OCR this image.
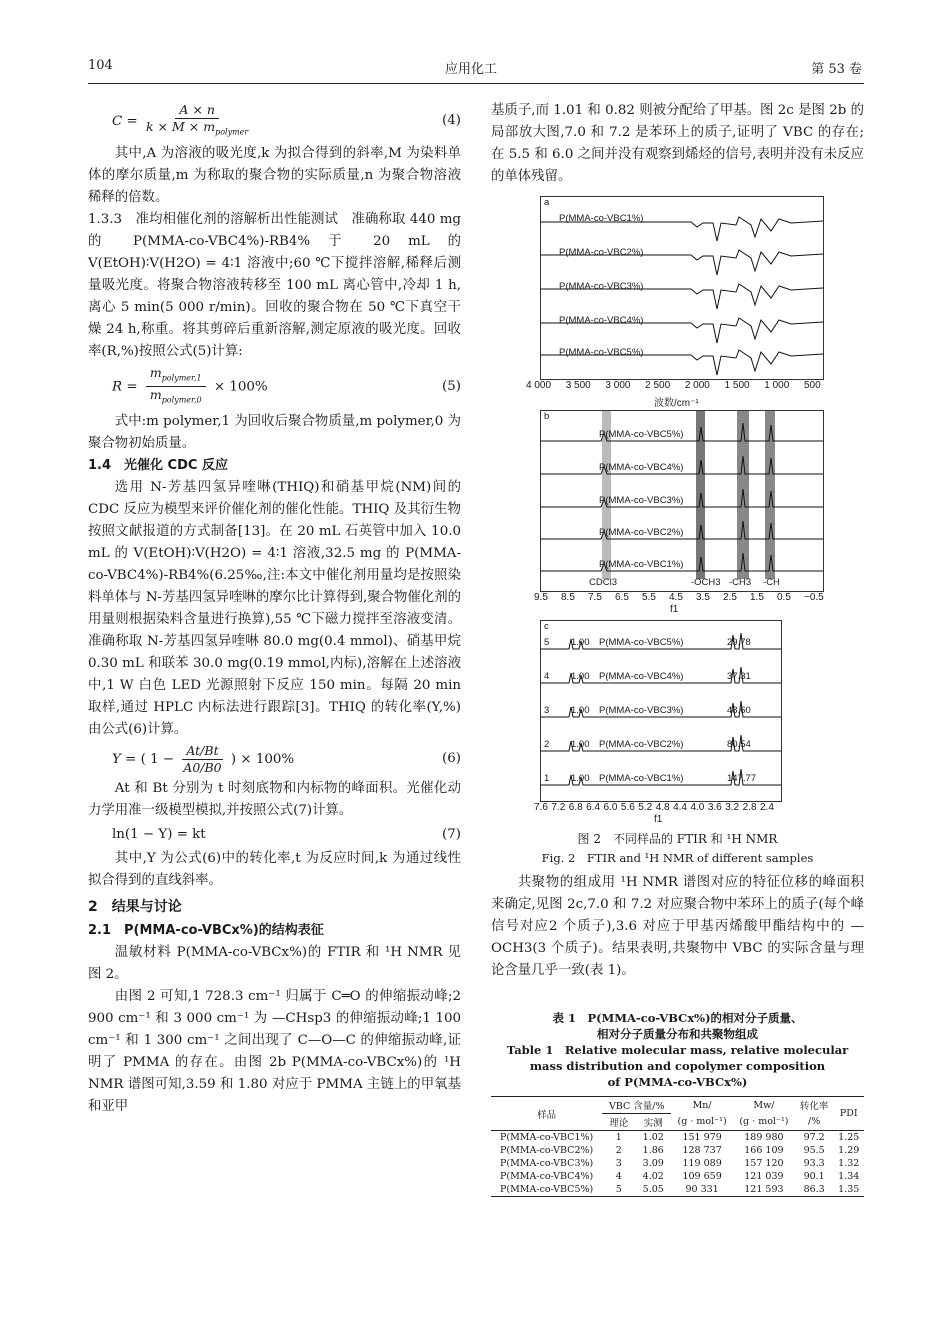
104	应用化工	第 53 卷
$C = \frac{A \times n}{k \times M \times m_{polymer}}$	(4)

其中,A 为溶液的吸光度,k 为拟合得到的斜率,M 为染料单体的摩尔质量,m 为称取的聚合物的实际质量,n 为聚合物溶液稀释的倍数。

1.3.3　准均相催化剂的溶解析出性能测试　准确称取 440 mg 的 P(MMA-co-VBC4%)-RB4% 于 20 mL 的 V(EtOH)∶V(H2O) = 4∶1 溶液中;60 ℃下搅拌溶解,稀释后测量吸光度。将聚合物溶液转移至 100 mL 离心管中,冷却 1 h,离心 5 min(5 000 r/min)。回收的聚合物在 50 ℃下真空干燥 24 h,称重。将其剪碎后重新溶解,测定原液的吸光度。回收率(R,%)按照公式(5)计算:

$R = \frac{m_{polymer,1}}{m_{polymer,0}} \times 100\%$	(5)

式中:m polymer,1 为回收后聚合物质量,m polymer,0 为聚合物初始质量。

1.4　光催化 CDC 反应

选用 N-芳基四氢异喹啉(THIQ)和硝基甲烷(NM)间的 CDC 反应为模型来评价催化剂的催化性能。THIQ 及其衍生物按照文献报道的方式制备[13]。在 20 mL 石英管中加入 10.0 mL 的 V(EtOH)∶V(H2O) = 4∶1 溶液,32.5 mg 的 P(MMA-co-VBC4%)-RB4%(6.25‰,注:本文中催化剂用量均是按照染料单体与 N-芳基四氢异喹啉的摩尔比计算得到,聚合物催化剂的用量则根据染料含量进行换算),55 ℃下磁力搅拌至溶液变清。准确称取 N-芳基四氢异喹啉 80.0 mg(0.4 mmol)、硝基甲烷 0.30 mL 和联苯 30.0 mg(0.19 mmol,内标),溶解在上述溶液中,1 W 白色 LED 光源照射下反应 150 min。每隔 20 min 取样,通过 HPLC 内标法进行跟踪[3]。THIQ 的转化率(Y,%)由公式(6)计算。

Y = ( $1 - \frac{At/Bt}{A0/B0}$ ) × 100%	(6)

At 和 Bt 分别为 t 时刻底物和内标物的峰面积。光催化动力学用准一级模型模拟,并按照公式(7)计算。

ln(1 − Y) = kt	(7)

其中,Y 为公式(6)中的转化率,t 为反应时间,k 为通过线性拟合得到的直线斜率。

2　结果与讨论
2.1　P(MMA-co-VBCx%)的结构表征

温敏材料 P(MMA-co-VBCx%)的 FTIR 和 ¹H NMR 见图 2。

由图 2 可知,1 728.3 cm⁻¹ 归属于 C═O 的伸缩振动峰;2 900 cm⁻¹ 和 3 000 cm⁻¹ 为 —CHsp3 的伸缩振动峰;1 100 cm⁻¹ 和 1 300 cm⁻¹ 之间出现了 C—O—C 的伸缩振动峰,证明了 PMMA 的存在。由图 2b P(MMA-co-VBCx%)的 ¹H NMR 谱图可知,3.59 和 1.80 对应于 PMMA 主链上的甲氧基和亚甲

基质子,而 1.01 和 0.82 则被分配给了甲基。图 2c 是图 2b 的局部放大图,7.0 和 7.2 是苯环上的质子,证明了 VBC 的存在;在 5.5 和 6.0 之间并没有观察到烯烃的信号,表明并没有未反应的单体残留。

a
P(MMA-co-VBC1%)
P(MMA-co-VBC2%)
P(MMA-co-VBC3%)
P(MMA-co-VBC4%)
P(MMA-co-VBC5%)
4 000 3 500 3 000 2 500 2 000 1 500 1 000 500
波数/cm⁻¹
b
P(MMA-co-VBC5%)
P(MMA-co-VBC4%)
P(MMA-co-VBC3%)
P(MMA-co-VBC2%)
P(MMA-co-VBC1%)
CDCl3	-OCH3 -CH3 -CH
9.5 8.5 7.5 6.5 5.5 4.5 3.5 2.5 1.5 0.5 −0.5
f1
c
5 1.00 P(MMA-co-VBC5%)	29.78
4 1.00 P(MMA-co-VBC4%)	37.31
3 1.00 P(MMA-co-VBC3%)	48.60
2 1.00 P(MMA-co-VBC2%)	80.54
1 1.00 P(MMA-co-VBC1%)	147.77
7.6 7.2 6.8 6.4 6.0 5.6 5.2 4.8 4.4 4.0 3.6 3.2 2.8 2.4
f1
图 2　不同样品的 FTIR 和 ¹H NMR
Fig. 2　FTIR and ¹H NMR of different samples

共聚物的组成用 ¹H NMR 谱图对应的特征位移的峰面积来确定,见图 2c,7.0 和 7.2 对应聚合物中苯环上的质子(每个峰信号对应2 个质子),3.6 对应于甲基丙烯酸甲酯结构中的 —OCH3(3 个质子)。结果表明,共聚物中 VBC 的实际含量与理论含量几乎一致(表 1)。

表 1　P(MMA-co-VBCx%)的相对分子质量、
相对分子质量分布和共聚物组成
Table 1　Relative molecular mass, relative molecular
mass distribution and copolymer composition
of P(MMA-co-VBCx%)
样品	VBC 含量/%		Mn/	Mw/	转化率	PDI
	理论	实测	(g · mol⁻¹)	(g · mol⁻¹)	/%	
P(MMA-co-VBC1%)	1	1.02	151 979	189 980	97.2	1.25
P(MMA-co-VBC2%)	2	1.86	128 737	166 109	95.5	1.29
P(MMA-co-VBC3%)	3	3.09	119 089	157 120	93.3	1.32
P(MMA-co-VBC4%)	4	4.02	109 659	121 039	90.1	1.34
P(MMA-co-VBC5%)	5	5.05	90 331	121 593	86.3	1.35
